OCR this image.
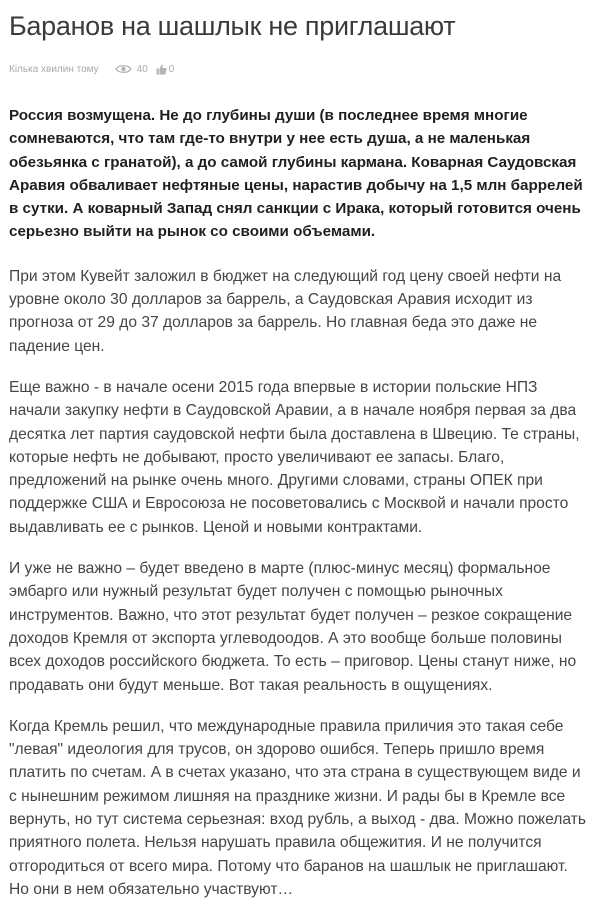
Баранов на шашлык не приглашают
Кілька хвилин тому	40 0

Россия возмущена. Не до глубины души (в последнее время многие сомневаются, что там где-то внутри у нее есть душа, а не маленькая обезьянка с гранатой), а до самой глубины кармана. Коварная Саудовская Аравия обваливает нефтяные цены, нарастив добычу на 1,5 млн баррелей в сутки. А коварный Запад снял санкции с Ирака, который готовится очень серьезно выйти на рынок со своими объемами.

При этом Кувейт заложил в бюджет на следующий год цену своей нефти на уровне около 30 долларов за баррель, а Саудовская Аравия исходит из прогноза от 29 до 37 долларов за баррель. Но главная беда это даже не падение цен.

Еще важно - в начале осени 2015 года впервые в истории польские НПЗ начали закупку нефти в Саудовской Аравии, а в начале ноября первая за два десятка лет партия саудовской нефти была доставлена в Швецию. Те страны, которые нефть не добывают, просто увеличивают ее запасы. Благо, предложений на рынке очень много. Другими словами, страны ОПЕК при поддержке США и Евросоюза не посоветовались с Москвой и начали просто выдавливать ее с рынков. Ценой и новыми контрактами.

И уже не важно – будет введено в марте (плюс-минус месяц) формальное эмбарго или нужный результат будет получен с помощью рыночных инструментов. Важно, что этот результат будет получен – резкое сокращение доходов Кремля от экспорта углеводоодов. А это вообще больше половины всех доходов российского бюджета. То есть – приговор. Цены станут ниже, но продавать они будут меньше. Вот такая реальность в ощущениях.

Когда Кремль решил, что международные правила приличия это такая себе "левая" идеология для трусов, он здорово ошибся. Теперь пришло время платить по счетам. А в счетах указано, что эта страна в существующем виде и с нынешним режимом лишняя на празднике жизни. И рады бы в Кремле все вернуть, но тут система серьезная: вход рубль, а выход - два. Можно пожелать приятного полета. Нельзя нарушать правила общежития. И не получится отгородиться от всего мира. Потому что баранов на шашлык не приглашают. Но они в нем обязательно участвуют…
